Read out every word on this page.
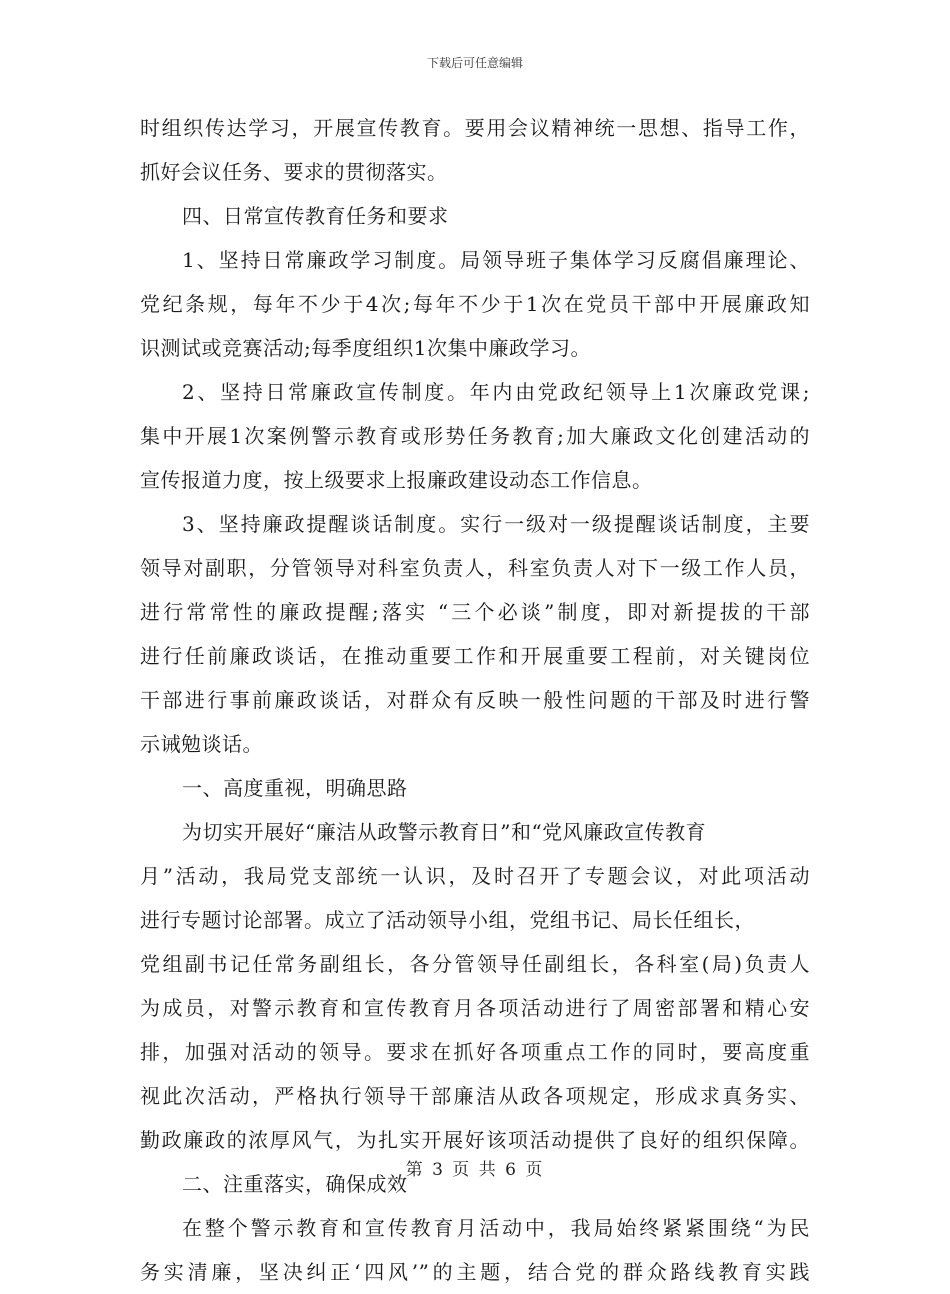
下载后可任意编辑
时组织传达学习，开展宣传教育。要用会议精神统一思想、指导工作，
抓好会议任务、要求的贯彻落实。
四、日常宣传教育任务和要求
1、坚持日常廉政学习制度。局领导班子集体学习反腐倡廉理论、
党纪条规，每年不少于4次;每年不少于1次在党员干部中开展廉政知
识测试或竞赛活动;每季度组织1次集中廉政学习。
2、坚持日常廉政宣传制度。年内由党政纪领导上1次廉政党课;
集中开展1次案例警示教育或形势任务教育;加大廉政文化创建活动的
宣传报道力度，按上级要求上报廉政建设动态工作信息。
3、坚持廉政提醒谈话制度。实行一级对一级提醒谈话制度，主要
领导对副职，分管领导对科室负责人，科室负责人对下一级工作人员，
进行常常性的廉政提醒;落实 “三个必谈”制度，即对新提拔的干部
进行任前廉政谈话，在推动重要工作和开展重要工程前，对关键岗位
干部进行事前廉政谈话，对群众有反映一般性问题的干部及时进行警
示诫勉谈话。
一、高度重视，明确思路
为切实开展好“廉洁从政警示教育日”和“党风廉政宣传教育
月”活动，我局党支部统一认识，及时召开了专题会议，对此项活动
进行专题讨论部署。成立了活动领导小组，党组书记、局长任组长，
党组副书记任常务副组长，各分管领导任副组长，各科室(局)负责人
为成员，对警示教育和宣传教育月各项活动进行了周密部署和精心安
排，加强对活动的领导。要求在抓好各项重点工作的同时，要高度重
视此次活动，严格执行领导干部廉洁从政各项规定，形成求真务实、
勤政廉政的浓厚风气，为扎实开展好该项活动提供了良好的组织保障。
二、注重落实，确保成效
在整个警示教育和宣传教育月活动中，我局始终紧紧围绕“为民
务实清廉，坚决纠正‘四风’”的主题，结合党的群众路线教育实践
第 3 页 共 6 页
